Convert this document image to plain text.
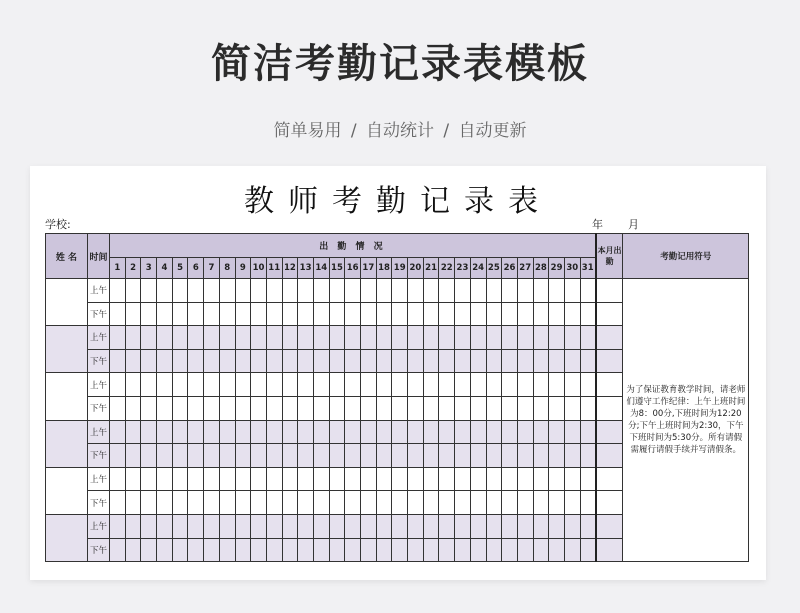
简洁考勤记录表模板
简单易用 / 自动统计 / 自动更新
教师考勤记录表
学校:	年 月
姓 名	时间	出 勤 情 况																															本月出勤	考勤记用符号
		1	2	3	4	5	6	7	8	9	10	11	12	13	14	15	16	17	18	19	20	21	22	23	24	25	26	27	28	29	30	31		
	上午																																	为了保证教育教学时间，请老师们遵守工作纪律：上午上班时间为8：00分,下班时间为12:20分;下午上班时间为2:30，下午下班时间为5:30分。所有请假需履行请假手续并写清假条。
	下午																																	
	上午																																	
	下午																																	
	上午																																	
	下午																																	
	上午																																	
	下午																																	
	上午																																	
	下午																																	
	上午																																	
	下午																																	
